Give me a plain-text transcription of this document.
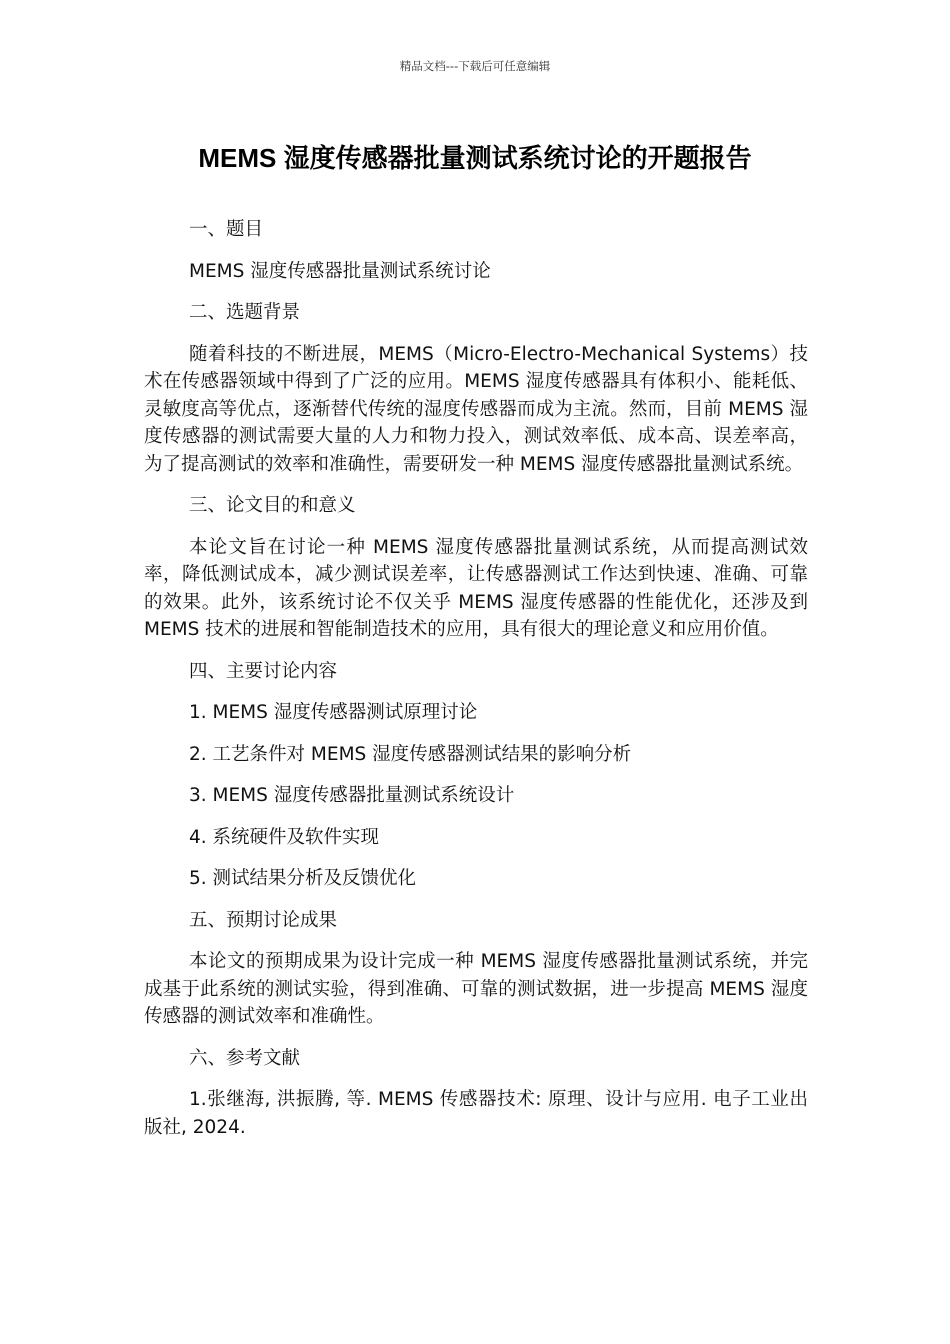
精品文档---下载后可任意编辑
MEMS 湿度传感器批量测试系统讨论的开题报告

一、题目

MEMS 湿度传感器批量测试系统讨论

二、选题背景

随着科技的不断进展，MEMS（Micro-Electro-Mechanical Systems）技术在传感器领域中得到了广泛的应用。MEMS 湿度传感器具有体积小、能耗低、灵敏度高等优点，逐渐替代传统的湿度传感器而成为主流。然而，目前 MEMS 湿度传感器的测试需要大量的人力和物力投入，测试效率低、成本高、误差率高，为了提高测试的效率和准确性，需要研发一种 MEMS 湿度传感器批量测试系统。

三、论文目的和意义

本论文旨在讨论一种 MEMS 湿度传感器批量测试系统，从而提高测试效率，降低测试成本，减少测试误差率，让传感器测试工作达到快速、准确、可靠的效果。此外，该系统讨论不仅关乎 MEMS 湿度传感器的性能优化，还涉及到 MEMS 技术的进展和智能制造技术的应用，具有很大的理论意义和应用价值。

四、主要讨论内容

1. MEMS 湿度传感器测试原理讨论

2. 工艺条件对 MEMS 湿度传感器测试结果的影响分析

3. MEMS 湿度传感器批量测试系统设计

4. 系统硬件及软件实现

5. 测试结果分析及反馈优化

五、预期讨论成果

本论文的预期成果为设计完成一种 MEMS 湿度传感器批量测试系统，并完成基于此系统的测试实验，得到准确、可靠的测试数据，进一步提高 MEMS 湿度传感器的测试效率和准确性。

六、参考文献

1.张继海, 洪振腾, 等. MEMS 传感器技术: 原理、设计与应用. 电子工业出版社, 2024.
